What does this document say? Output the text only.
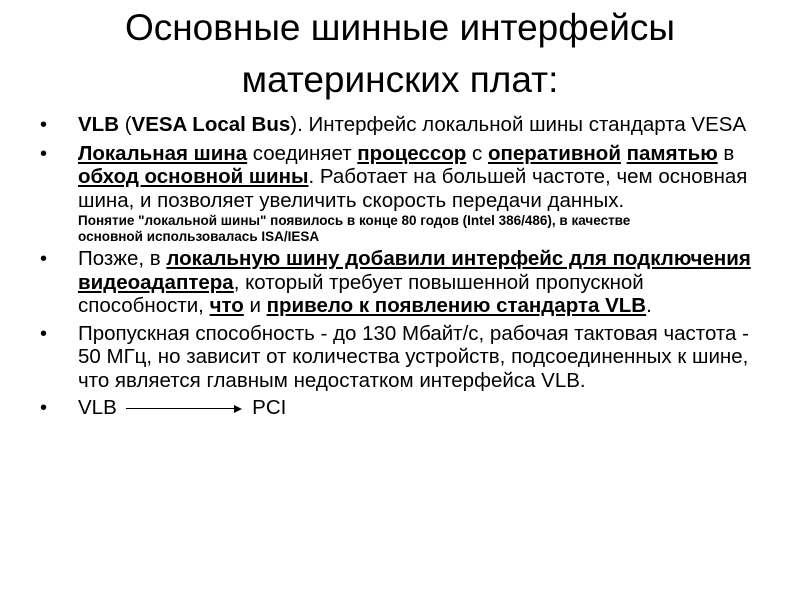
Основные шинные интерфейсы
материнских плат:
•
VLB (VESA Local Bus). Интерфейс локальной шины стандарта VESA
•
Локальная шина соединяет процессор с оперативной памятью в обход основной шины. Работает на большей частоте, чем основная шина, и позволяет увеличить скорость передачи данных.
Понятие "локальной шины" появилось в конце 80 годов (Intel 386/486), в качестве основной использовалась ISA/IESA
•
Позже, в локальную шину добавили интерфейс для подключения видеоадаптера, который требует повышенной пропускной способности, что и привело к появлению стандарта VLB.
•
Пропускная способность - до 130 Мбайт/с, рабочая тактовая частота - 50 МГц, но зависит от количества устройств, подсоединенных к шине, что является главным недостатком интерфейса VLB.
•
VLB	PCI
